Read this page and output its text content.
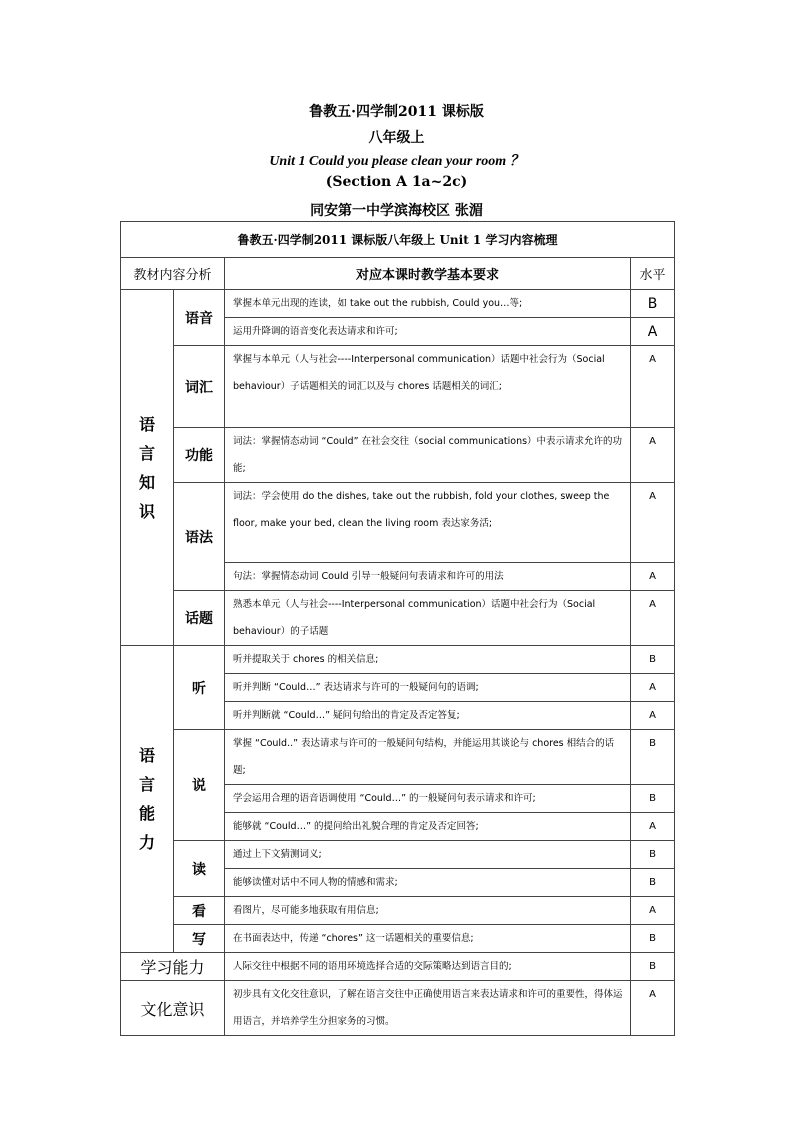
鲁教五·四学制2011 课标版
八年级上
Unit 1 Could you please clean your room ？
(Section A 1a~2c)
同安第一中学滨海校区 张湄
鲁教五·四学制2011 课标版八年级上 Unit 1 学习内容梳理			
教材内容分析		对应本课时教学基本要求	水平

语
言
知
识	语音	掌握本单元出现的连读，如 take out the rubbish, Could you…等;	B
		运用升降调的语音变化表达请求和许可;	A
	词汇	掌握与本单元（人与社会----Interpersonal communication）话题中社会行为（Social behaviour）子话题相关的词汇以及与 chores 话题相关的词汇;	A
	功能	词法：掌握情态动词 “Could” 在社会交往（social communications）中表示请求允许的功能;	A
	语法	词法：学会使用 do the dishes, take out the rubbish, fold your clothes, sweep the floor, make your bed, clean the living room 表达家务活;	A
		句法：掌握情态动词 Could 引导一般疑问句表请求和许可的用法	A
	话题	熟悉本单元（人与社会----Interpersonal communication）话题中社会行为（Social behaviour）的子话题	A

语
言
能
力	听	听并提取关于 chores 的相关信息;	B
		听并判断 “Could…” 表达请求与许可的一般疑问句的语调;	A
		听并判断就 “Could…” 疑问句给出的肯定及否定答复;	A
	说	掌握 “Could..” 表达请求与许可的一般疑问句结构，并能运用其谈论与 chores 相结合的话题;	B
		学会运用合理的语音语调使用 “Could…” 的一般疑问句表示请求和许可;	B
		能够就 “Could…” 的提问给出礼貌合理的肯定及否定回答;	A
	读	通过上下文猜测词义;	B
		能够读懂对话中不同人物的情感和需求;	B
	看	看图片，尽可能多地获取有用信息;	A
	写	在书面表达中，传递 “chores” 这一话题相关的重要信息;	B
学习能力		人际交往中根据不同的语用环境选择合适的交际策略达到语言目的;	B
文化意识		初步具有文化交往意识，了解在语言交往中正确使用语言来表达请求和许可的重要性，得体运用语言，并培养学生分担家务的习惯。	A
